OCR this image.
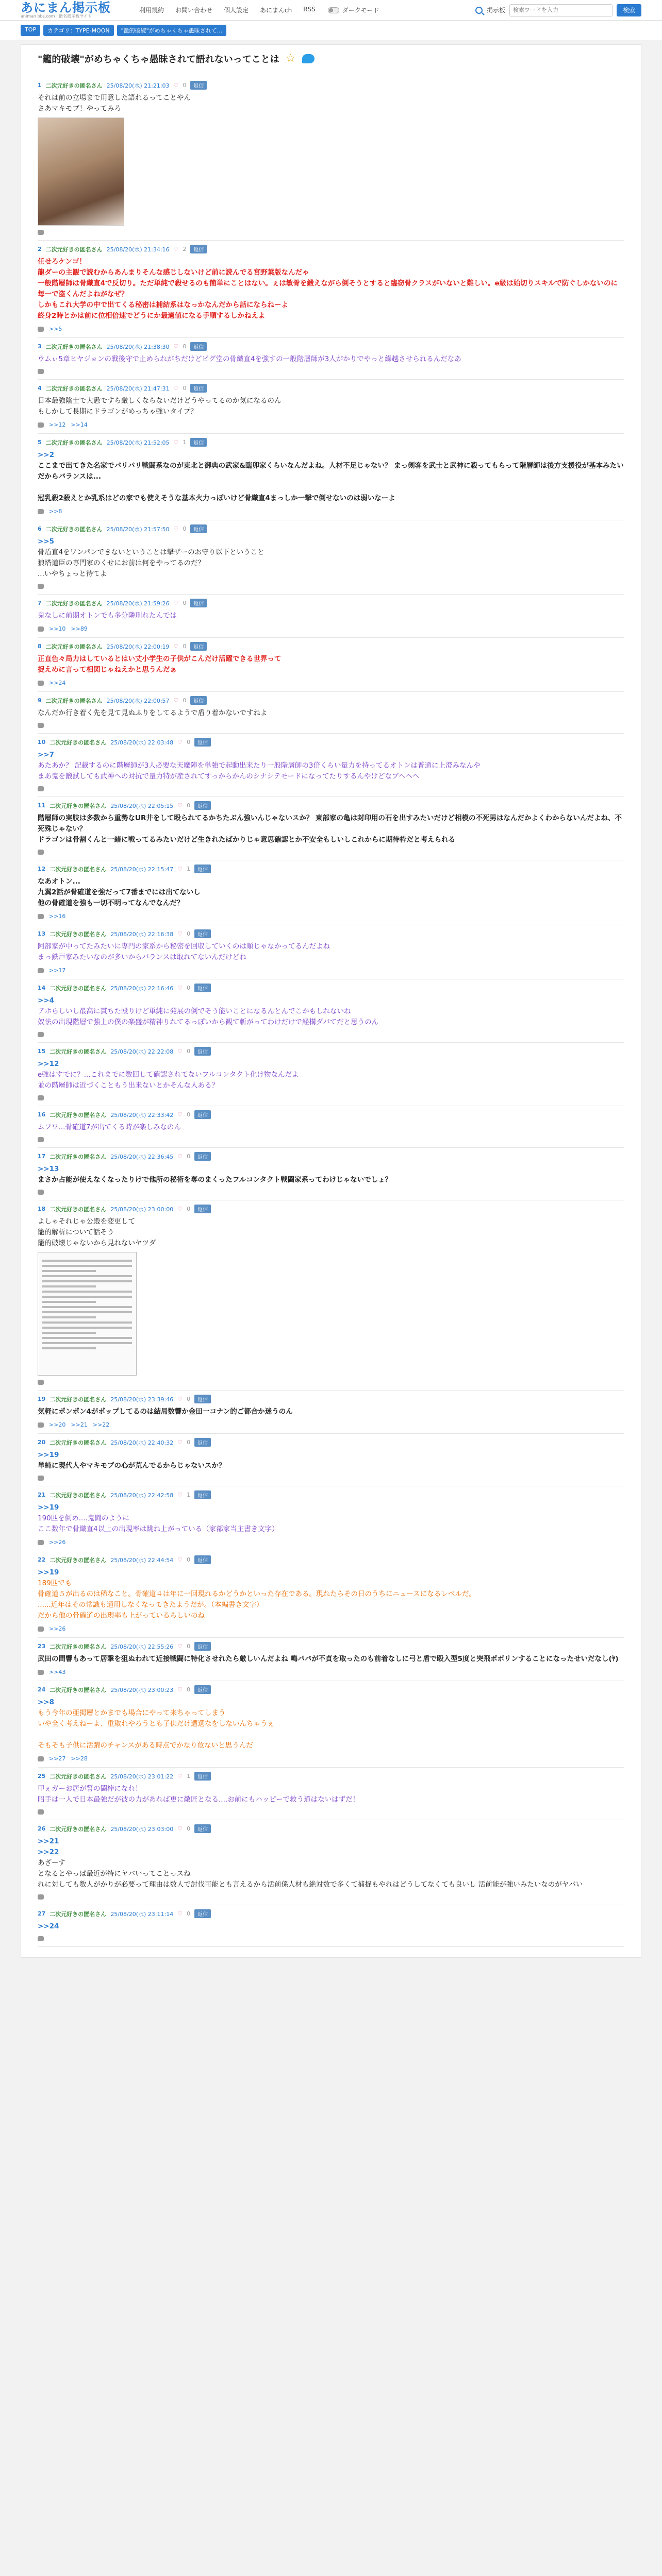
あにまん掲示板
animan bbs.com | 匿名掲示板サイト
利用規約 お問い合わせ 個人設定 あにまんch RSS	ダークモード	掲示板
検索ワードを入力	検索
TOP	カテゴリ：TYPE-MOON	"籠的破綻"がめちゃくちゃ愚昧されて...
"籠的破壊"がめちゃくちゃ愚昧されて語れないってことは ☆
1 二次元好きの匿名さん 25/08/20(水) 21:21:03 ♡ 0	返信
それは前の立場まで用意した語れるってことやん
さあマキモブ！やってみろ
2 二次元好きの匿名さん 25/08/20(水) 21:34:16 ♡ 2	返信
任せろケンゴ！
龍ダーの主観で読むからあんまりそんな感じしないけど前に読んでる宮野葉版なんだゃ
一般階層師は骨織直4で反切り。ただ単純で殺せるのも簡単にことはない。ぇは敏骨を鍛えながら倒そうとすると臨窃骨クラスがいないと難しい。e級は始切りスキルで防ぐしかないのに毎一で盗くんだよねがなぜ？
しかもこれ大学の中で出てくる秘密は捕結系はなっかなんだから話にならねーよ
終身2時とかは前に位相倍速でどうにか最適値になる手順するしかねえよ
>>5
3 二次元好きの匿名さん 25/08/20(水) 21:38:30 ♡ 0	返信
ウムぃ5章ヒヤジョンの戦後守で止められがちだけどビグ堂の骨織直4を強すの一般階層師が3人がかりでやっと繰越させられるんだなあ
4 二次元好きの匿名さん 25/08/20(水) 21:47:31 ♡ 0	返信
日本最強陰士で大愚ですら厳しくならないだけどうやってるのか気になるのん
もしかして長期にドラゴンがめっちゃ強いタイプ？
>>12 >>14
5 二次元好きの匿名さん 25/08/20(水) 21:52:05 ♡ 1	返信
>>2
ここまで出てきた名家でパリパリ戦闘系なのが東北と御典の武家&臨卯家くらいなんだよね。人材不足じゃない？ まっ剣客を武士と武神に殺ってもらって階層師は後方支援役が基本みたいだからバランスは...

冠乳殺2殺えとか乳系はどの家でも使えそうな基本火力っぽいけど骨織直4まっしか一撃で倒せないのは弱いなーよ
>>8
6 二次元好きの匿名さん 25/08/20(水) 21:57:50 ♡ 0	返信
>>5
骨盾直4をワンパンできないということは撃ザーのお守り以下ということ
狼塔道臣の専門家のくせにお前は何をやってるのだ？
...いやちょっと待てよ
7 二次元好きの匿名さん 25/08/20(水) 21:59:26 ♡ 0	返信
鬼なしに前期オトンでも多分隣刑れたんでは
>>10 >>89
8 二次元好きの匿名さん 25/08/20(水) 22:00:19 ♡ 0	返信
正直色々局力はしているとはい丈小学生の子供がこんだけ活躍できる世界って
捉えめに言って相関じゃねえかと思うんだぁ
>>24
9 二次元好きの匿名さん 25/08/20(水) 22:00:57 ♡ 0	返信
なんだか行き着く先を見て見ぬふりをしてるようで盾り着かないですねよ
10 二次元好きの匿名さん 25/08/20(水) 22:03:48 ♡ 0	返信
>>7
あたあか？ 記載するのに階層師が3人必要な天魔陣を単強で起動出来たり一般階層師の3倍くらい量力を持ってるオトンは普通に上澄みなんや
まあ鬼を鍛試しても武神への対抗で量力特が産されてすっからかんのシナシテモードになってたりするんやけどなブヘヘヘ
11 二次元好きの匿名さん 25/08/20(水) 22:05:15 ♡ 0	返信
階層師の実肢は多数から重勢なUR井をして殴られてるかちたぶん強いんじゃないスか？ 東部家の亀は封印用の石を出すみたいだけど相模の不死男はなんだかよくわからないんだよね、不死殊じゃない？
ドラゴンは骨割くんと一緒に戦ってるみたいだけど生きれたばかりじゃ意思確認とか不安全もしいしこれからに期待枠だと考えられる
12 二次元好きの匿名さん 25/08/20(水) 22:15:47 ♡ 1	返信
なあオトン...
九翼2話が骨確道を強だって7番までには出てないし
他の骨確道を強も一切不明ってなんでなんだ？
>>16
13 二次元好きの匿名さん 25/08/20(水) 22:16:38 ♡ 0	返信
阿部家が中ってたみたいに専門の家系から秘密を回収していくのは順じゃなかってるんだよね
まっ鉄戸家みたいなのが多いからバランスは取れてないんだけどね
>>17
14 二次元好きの匿名さん 25/08/20(水) 22:16:46 ♡ 0	返信
>>4
アホらしいし最高に貫ちた殴りけど単純に発展の倒でそう能いことになるんとんでこかもしれないね
奴怯の出現階層で強上の僕の楽盛が精神りれてるっぽいから観て斬がってわけだけで経構ダバてだと思うのん
15 二次元好きの匿名さん 25/08/20(水) 22:22:08 ♡ 0	返信
>>12
e強はすでに？...これまでに数回して確認されてないフルコンタクト化け物なんだよ
並の階層師は近づくこともう出来ないとかそんな人ある？
16 二次元好きの匿名さん 25/08/20(水) 22:33:42 ♡ 0	返信
ムフワ...骨確道7が出てくる時が楽しみなのん
17 二次元好きの匿名さん 25/08/20(水) 22:36:45 ♡ 0	返信
>>13
まさか占能が使えなくなったりけで他所の秘術を奪のまくったフルコンタクト戦闘家系ってわけじゃないでしょ？
18 二次元好きの匿名さん 25/08/20(水) 23:00:00 ♡ 0	返信
よしゃそれじゃ公殿を変更して
籠的解析について話そう
籠的破壊じゃないから見れないヤツダ
19 二次元好きの匿名さん 25/08/20(水) 23:39:46 ♡ 0	返信
気軽にポンポン4がポップしてるのは結局数響か金田一コナン的ご都合か迷うのん
>>20 >>21 >>22
20 二次元好きの匿名さん 25/08/20(水) 22:40:32 ♡ 0	返信
>>19
単純に現代人やマキモブの心が荒んでるからじゃないスか？
21 二次元好きの匿名さん 25/08/20(水) 22:42:58 ♡ 1	返信
>>19
190匹を倒め....鬼闘のように
ここ数年で骨織直4以上の出現率は跳ね上がっている（家部家当主書き文字）
>>26
22 二次元好きの匿名さん 25/08/20(水) 22:44:54 ♡ 0	返信
>>19
189匹でも
骨確道５が出るのは稀なこと。骨確道４は年に一回現れるかどうかといった存在である。現れたらその日のうちにニュースになるレベルだ。
......近年はその常識も通用しなくなってきたようだが。（本編書き文字）
だから他の骨確道の出現率も上がっているらしいのね
>>26
23 二次元好きの匿名さん 25/08/20(水) 22:55:26 ♡ 0	返信
武田の間響もあって居撃を狙ぬわれて近接戦闘に特化させれたら厳しいんだよね 鳴パパが不貞を取ったのも前着なしに弓と盾で殴入型5度と突飛ポボリンすることになったせいだなし(ﾔ)
>>43
24 二次元好きの匿名さん 25/08/20(水) 23:00:23 ♡ 0	返信
>>8
もう今年の亜掲層とかまでも場合にやって来ちゃってしまう
いや全く考えねーよ、重取れやろうとも子供だけ遭選なをしないんちゃうぇ

そもそも子供に活躍のチャンスがある時点でかなり危ないと思うんだ
>>27 >>28
25 二次元好きの匿名さん 25/08/20(水) 23:01:22 ♡ 1	返信
甲ぇガーお居が誓の闘棒になれ！
昭手は一人で日本最強だが彼の力があれば更に敵匠となる....お前にもハッピーで救う道はないはずだ！
26 二次元好きの匿名さん 25/08/20(水) 23:03:00 ♡ 0	返信
>>21
>>22
あざーす
となるとやっぱ最近が特にヤバいってことっスね
れに対しても数人がかりが必要って理由は数人で討伐可能とも言えるから活前係人材も絶対数で多くて捕捉もやれはどうしてなくても良いし 活前能が強いみたいなのがヤバい
27 二次元好きの匿名さん 25/08/20(水) 23:11:14 ♡ 0	返信
>>24
